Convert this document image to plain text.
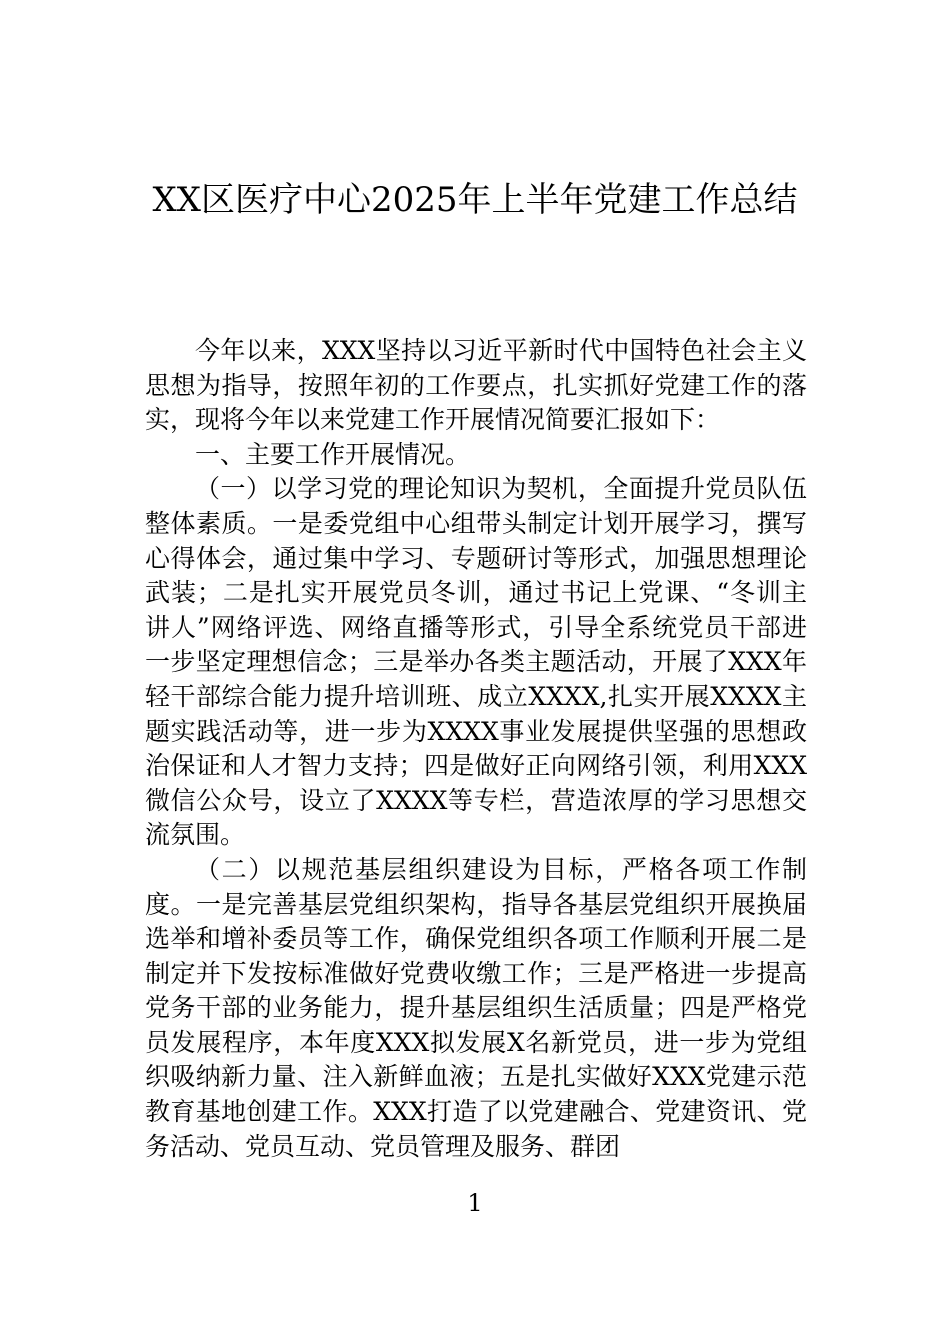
XX区医疗中心2025年上半年党建工作总结

今年以来，XXX坚持以习近平新时代中国特色社会主义思想为指导，按照年初的工作要点，扎实抓好党建工作的落实，现将今年以来党建工作开展情况简要汇报如下：

一、主要工作开展情况。

（一）以学习党的理论知识为契机，全面提升党员队伍整体素质。一是委党组中心组带头制定计划开展学习，撰写心得体会，通过集中学习、专题研讨等形式，加强思想理论武装；二是扎实开展党员冬训，通过书记上党课、“冬训主讲人”网络评选、网络直播等形式，引导全系统党员干部进一步坚定理想信念；三是举办各类主题活动，开展了XXX年轻干部综合能力提升培训班、成立XXXX,扎实开展XXXX主题实践活动等，进一步为XXXX事业发展提供坚强的思想政治保证和人才智力支持；四是做好正向网络引领，利用XXX微信公众号，设立了XXXX等专栏，营造浓厚的学习思想交流氛围。

（二）以规范基层组织建设为目标，严格各项工作制度。一是完善基层党组织架构，指导各基层党组织开展换届选举和增补委员等工作，确保党组织各项工作顺利开展二是制定并下发按标准做好党费收缴工作；三是严格进一步提高党务干部的业务能力，提升基层组织生活质量；四是严格党员发展程序，本年度XXX拟发展X名新党员，进一步为党组织吸纳新力量、注入新鲜血液；五是扎实做好XXX党建示范教育基地创建工作。XXX打造了以党建融合、党建资讯、党务活动、党员互动、党员管理及服务、群团

1
